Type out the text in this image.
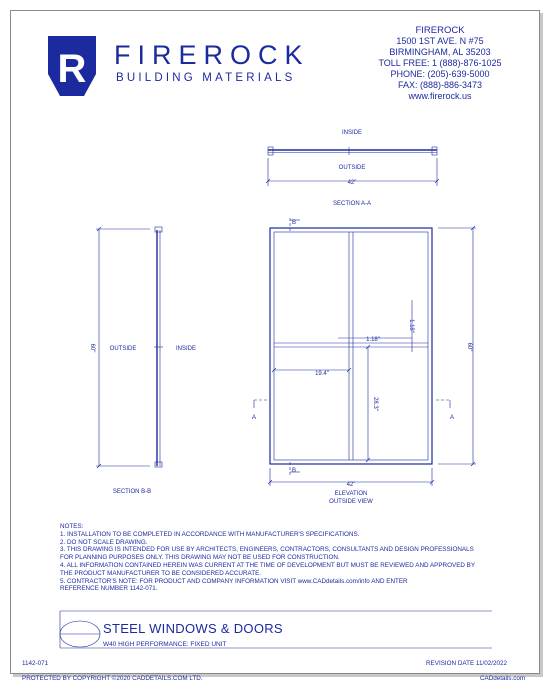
R FIREROCK
BUILDING MATERIALS
FIREROCK
1500 1ST AVE. N #75
BIRMINGHAM, AL 35203
TOLL FREE: 1 (888)-876-1025
PHONE: (205)-639-5000
FAX: (888)-886-3473
www.firerock.us
INSIDE
OUTSIDE
42"
SECTION A-A
60" OUTSIDE	INSIDE
SECTION B-B
B
B
A	A
1.18"
1.18"
19.4"
28.3"
60"
42"
ELEVATION
OUTSIDE VIEW
NOTES:
1. INSTALLATION TO BE COMPLETED IN ACCORDANCE WITH MANUFACTURER'S SPECIFICATIONS.
2. DO NOT SCALE DRAWING.
3. THIS DRAWING IS INTENDED FOR USE BY ARCHITECTS, ENGINEERS, CONTRACTORS, CONSULTANTS AND DESIGN PROFESSIONALS
FOR PLANNING PURPOSES ONLY. THIS DRAWING MAY NOT BE USED FOR CONSTRUCTION.
4. ALL INFORMATION CONTAINED HEREIN WAS CURRENT AT THE TIME OF DEVELOPMENT BUT MUST BE REVIEWED AND APPROVED BY
THE PRODUCT MANUFACTURER TO BE CONSIDERED ACCURATE.
5. CONTRACTOR'S NOTE: FOR PRODUCT AND COMPANY INFORMATION VISIT www.CADdetails.com/info AND ENTER
REFERENCE NUMBER 1142-071.
STEEL WINDOWS & DOORS
W40 HIGH PERFORMANCE: FIXED UNIT
1142-071	REVISION DATE 11/02/2022
PROTECTED BY COPYRIGHT ©2020 CADDETAILS.COM LTD.	CADdetails.com
